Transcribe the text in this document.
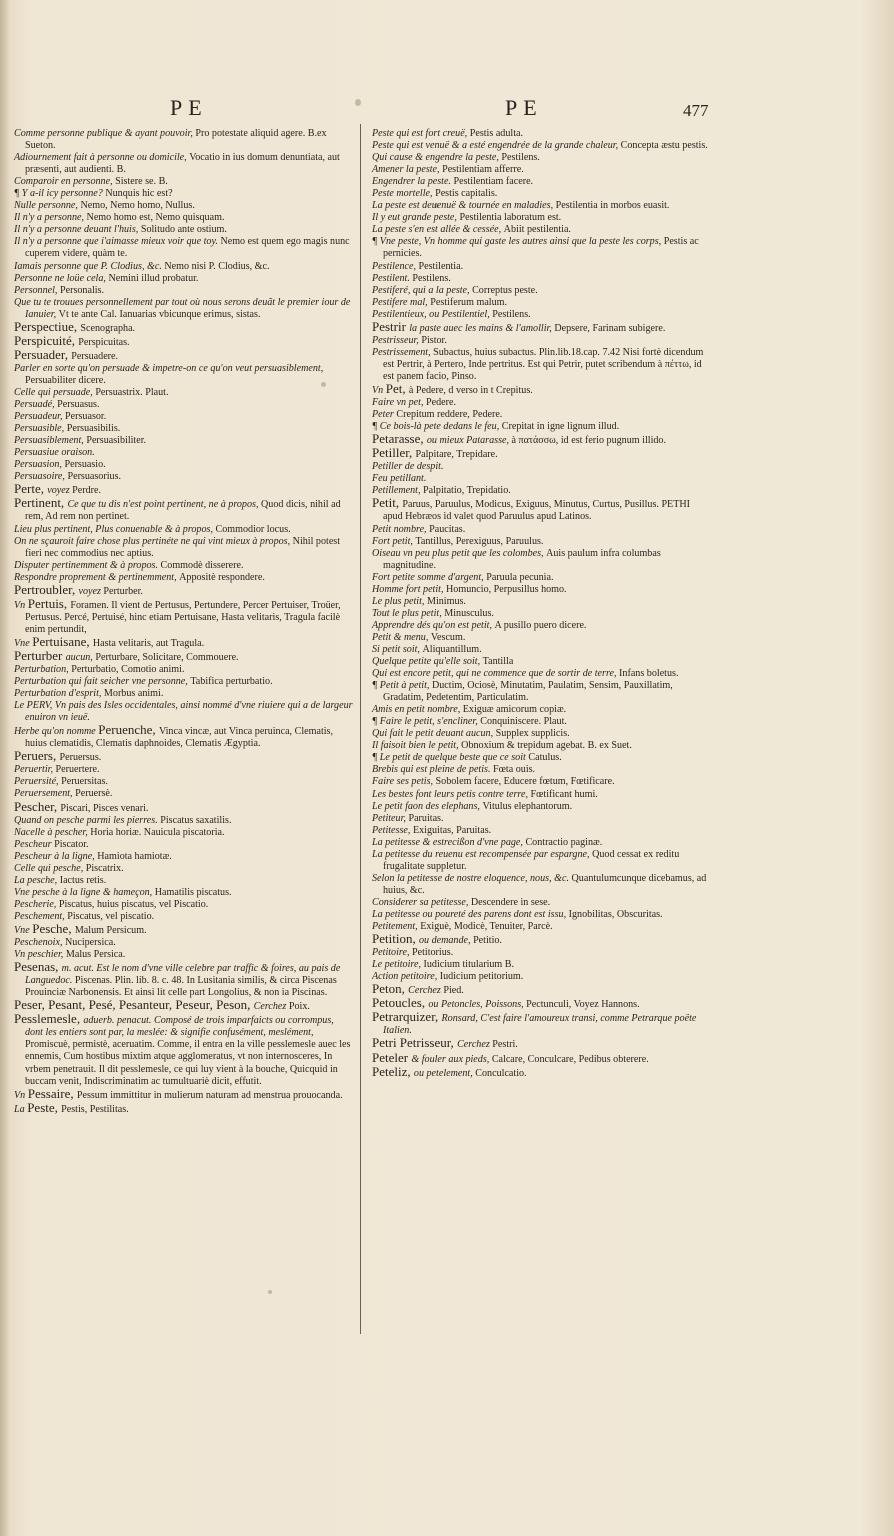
PE	PE	477

Comme personne publique & ayant pouvoir, Pro potestate aliquid agere. B.ex Sueton.

Adiournement fait à personne ou domicile, Vocatio in ius domum denuntiata, aut præsenti, aut audienti. B.

Comparoir en personne, Sistere se. B.

¶ Y a-il icy personne? Nunquis hic est?

Nulle personne, Nemo, Nemo homo, Nullus.

Il n'y a personne, Nemo homo est, Nemo quisquam.

Il n'y a personne deuant l'huis, Solitudo ante ostium.

Il n'y a personne que i'aimasse mieux voir que toy. Nemo est quem ego magis nunc cuperem videre, quàm te.

Iamais personne que P. Clodius, &c. Nemo nisi P. Clodius, &c.

Personne ne loüe cela, Nemini illud probatur.

Personnel, Personalis.

Que tu te trouues personnellement par tout où nous serons deuãt le premier iour de Ianuier, Vt te ante Cal. Ianuarias vbicunque erimus, sistas.

Perspectiue, Scenographa.

Perspicuité, Perspicuitas.

Persuader, Persuadere.

Parler en sorte qu'on persuade & impetre-on ce qu'on veut persuasiblement, Persuabiliter dicere.

Celle qui persuade, Persuastrix. Plaut.

Persuadé, Persuasus.

Persuadeur, Persuasor.

Persuasible, Persuasibilis.

Persuasiblement, Persuasibiliter.

Persuasiue oraison.

Persuasion, Persuasio.

Persuasoire, Persuasorius.

Perte, voyez Perdre.

Pertinent, Ce que tu dis n'est point pertinent, ne à propos, Quod dicis, nihil ad rem, Ad rem non pertinet.

Lieu plus pertinent, Plus conuenable & à propos, Commodior locus.

On ne sçauroit faire chose plus pertinéte ne qui vint mieux à propos, Nihil potest fieri nec commodius nec aptius.

Disputer pertinemment & à propos. Commodè disserere.

Respondre proprement & pertinemment, Appositè respondere.

Pertroubler, voyez Perturber.

Vn Pertuis, Foramen. Il vient de Pertusus, Pertundere, Percer Pertuiser, Troüer, Pertusus. Percé, Pertuisé, hinc etiam Pertuisane, Hasta velitaris, Tragula facilè enim pertundit,

Vne Pertuisane, Hasta velitaris, aut Tragula.

Perturber aucun, Perturbare, Solicitare, Commouere.

Perturbation, Perturbatio, Comotio animi.

Perturbation qui fait seicher vne personne, Tabifica perturbatio.

Perturbation d'esprit, Morbus animi.

Le PERV, Vn pais des Isles occidentales, ainsi nommé d'vne riuiere qui a de largeur enuiron vn ieuë.

Herbe qu'on nomme Peruenche, Vinca vincæ, aut Vinca peruinca, Clematis, huius clematidis, Clematis daphnoides, Clematis Ægyptia.

Peruers, Peruersus.

Peruertir, Peruertere.

Peruersité, Peruersitas.

Peruersement, Peruersè.

Pescher, Piscari, Pisces venari.

Quand on pesche parmi les pierres. Piscatus saxatilis.

Nacelle à pescher, Horia horiæ. Nauicula piscatoria.

Pescheur Piscator.

Pescheur à la ligne, Hamiota hamiotæ.

Celle qui pesche, Piscatrix.

La pesche, Iactus retis.

Vne pesche à la ligne & hameçon, Hamatilis piscatus.

Pescherie, Piscatus, huius piscatus, vel Piscatio.

Peschement, Piscatus, vel piscatio.

Vne Pesche, Malum Persicum.

Peschenoix, Nucipersica.

Vn peschier, Malus Persica.

Pesenas, m. acut. Est le nom d'vne ville celebre par traffic & foires, au pais de Languedoc. Piscenas. Plin. lib. 8. c. 48. In Lusitania similis, & circa Piscenas Prouinciæ Narbonensis. Et ainsi lit celle part Longolius, & non ia Piscinas.

Peser, Pesant, Pesé, Pesanteur, Peseur, Peson, Cerchez Poix.

Pesslemesle, aduerb. penacut. Composé de trois imparfaicts ou corrompus, dont les entiers sont par, la meslée: & signifie confusément, meslément, Promiscuè, permistè, aceruatim. Comme, il entra en la ville pesslemesle auec les ennemis, Cum hostibus mixtim atque agglomeratus, vt non internosceres, In vrbem penetrauit. Il dit pesslemesle, ce qui luy vient à la bouche, Quicquid in buccam venit, Indiscriminatim ac tumultuariè dicit, effutit.

Vn Pessaire, Pessum immittitur in mulierum naturam ad menstrua prouocanda.

La Peste, Pestis, Pestilitas.

Peste qui est fort creuë, Pestis adulta.

Peste qui est venuë & a esté engendrée de la grande chaleur, Concepta æstu pestis.

Qui cause & engendre la peste, Pestilens.

Amener la peste, Pestilentiam afferre.

Engendrer la peste. Pestilentiam facere.

Peste mortelle, Pestis capitalis.

La peste est deuenuë & tournée en maladies, Pestilentia in morbos euasit.

Il y eut grande peste, Pestilentia laboratum est.

La peste s'en est allée & cessée, Abiit pestilentia.

¶ Vne peste, Vn homme qui gaste les autres ainsi que la peste les corps, Pestis ac pernicies.

Pestilence, Pestilentia.

Pestilent. Pestilens.

Pestiferé, qui a la peste, Correptus peste.

Pestifere mal, Pestiferum malum.

Pestilentieux, ou Pestilentiel, Pestilens.

Pestrir la paste auec les mains & l'amollir, Depsere, Farinam subigere.

Pestrisseur, Pistor.

Pestrissement, Subactus, huius subactus. Plin.lib.18.cap. 7.42 Nisi fortè dicendum est Pertrir, à Pertero, Inde pertritus. Est qui Petrir, putet scribendum à πέττω, id est panem facio, Pinso.

Vn Pet, à Pedere, d verso in t Crepitus.

Faire vn pet, Pedere.

Peter Crepitum reddere, Pedere.

¶ Ce bois-là pete dedans le feu, Crepitat in igne lignum illud.

Petarasse, ou mieux Patarasse, à πατάσσω, id est ferio pugnum illido.

Petiller, Palpitare, Trepidare.

Petiller de despit.

Feu petillant.

Petillement, Palpitatio, Trepidatio.

Petit, Paruus, Paruulus, Modicus, Exiguus, Minutus, Curtus, Pusillus. PETHI apud Hebræos id valet quod Paruulus apud Latinos.

Petit nombre, Paucitas.

Fort petit, Tantillus, Perexiguus, Paruulus.

Oiseau vn peu plus petit que les colombes, Auis paulum infra columbas magnitudine.

Fort petite somme d'argent, Paruula pecunia.

Homme fort petit, Homuncio, Perpusillus homo.

Le plus petit, Minimus.

Tout le plus petit, Minusculus.

Apprendre dés qu'on est petit, A pusillo puero dicere.

Petit & menu, Vescum.

Si petit soit, Aliquantillum.

Quelque petite qu'elle soit, Tantilla

Qui est encore petit, qui ne commence que de sortir de terre, Infans boletus.

¶ Petit à petit, Ductim, Ociosè, Minutatim, Paulatim, Sensim, Pauxillatim, Gradatim, Pedetentim, Particulatim.

Amis en petit nombre, Exiguæ amicorum copiæ.

¶ Faire le petit, s'encliner, Conquiniscere. Plaut.

Qui fait le petit deuant aucun, Supplex supplicis.

Il faisoit bien le petit, Obnoxium & trepidum agebat. B. ex Suet.

¶ Le petit de quelque beste que ce soit Catulus.

Brebis qui est pleine de petis. Fœta ouis.

Faire ses petis, Sobolem facere, Educere fœtum, Fœtificare.

Les bestes font leurs petis contre terre, Fœtificant humi.

Le petit faon des elephans, Vitulus elephantorum.

Petiteur, Paruitas.

Petitesse, Exiguitas, Paruitas.

La petitesse & estrecißon d'vne page, Contractio paginæ.

La petitesse du reuenu est recompensée par espargne, Quod cessat ex reditu frugalitate suppletur.

Selon la petitesse de nostre eloquence, nous, &c. Quantulumcunque dicebamus, ad huius, &c.

Considerer sa petitesse, Descendere in sese.

La petitesse ou poureté des parens dont est issu, Ignobilitas, Obscuritas.

Petitement, Exiguè, Modicè, Tenuiter, Parcè.

Petition, ou demande, Petitio.

Petitoire, Petitorius.

Le petitoire, Iudicium titularium B.

Action petitoire, Iudicium petitorium.

Peton, Cerchez Pied.

Petoucles, ou Petoncles, Poissons, Pectunculi, Voyez Hannons.

Petrarquizer, Ronsard, C'est faire l'amoureux transi, comme Petrarque poëte Italien.

Petri Petrisseur, Cerchez Pestri.

Peteler & fouler aux pieds, Calcare, Conculcare, Pedibus obterere.

Peteliz, ou petelement, Conculcatio.
